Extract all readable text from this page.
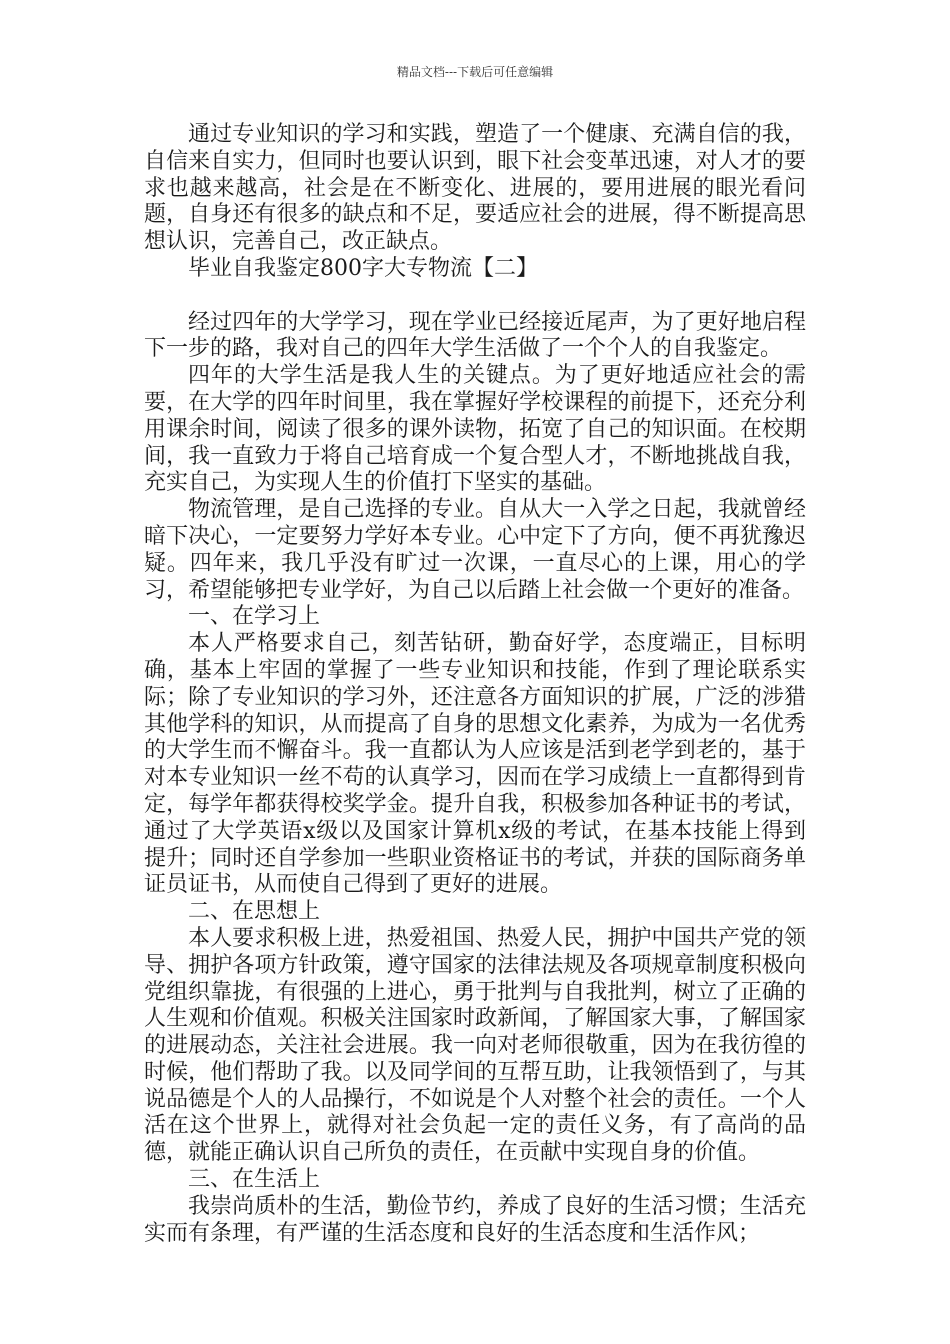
精品文档---下载后可任意编辑

通过专业知识的学习和实践，塑造了一个健康、充满自信的我，自信来自实力，但同时也要认识到，眼下社会变革迅速，对人才的要求也越来越高，社会是在不断变化、进展的，要用进展的眼光看问题，自身还有很多的缺点和不足，要适应社会的进展，得不断提高思想认识，完善自己，改正缺点。

毕业自我鉴定800字大专物流【二】

经过四年的大学学习，现在学业已经接近尾声，为了更好地启程下一步的路，我对自己的四年大学生活做了一个个人的自我鉴定。

四年的大学生活是我人生的关键点。为了更好地适应社会的需要，在大学的四年时间里，我在掌握好学校课程的前提下，还充分利用课余时间，阅读了很多的课外读物，拓宽了自己的知识面。在校期间，我一直致力于将自己培育成一个复合型人才，不断地挑战自我，充实自己，为实现人生的价值打下坚实的基础。

物流管理，是自己选择的专业。自从大一入学之日起，我就曾经暗下决心，一定要努力学好本专业。心中定下了方向，便不再犹豫迟疑。四年来，我几乎没有旷过一次课，一直尽心的上课，用心的学习，希望能够把专业学好，为自己以后踏上社会做一个更好的准备。

一、在学习上

本人严格要求自己，刻苦钻研，勤奋好学，态度端正，目标明确，基本上牢固的掌握了一些专业知识和技能，作到了理论联系实际；除了专业知识的学习外，还注意各方面知识的扩展，广泛的涉猎其他学科的知识，从而提高了自身的思想文化素养，为成为一名优秀的大学生而不懈奋斗。我一直都认为人应该是活到老学到老的，基于对本专业知识一丝不苟的认真学习，因而在学习成绩上一直都得到肯定，每学年都获得校奖学金。提升自我，积极参加各种证书的考试，通过了大学英语x级以及国家计算机x级的考试，在基本技能上得到提升；同时还自学参加一些职业资格证书的考试，并获的国际商务单证员证书，从而使自己得到了更好的进展。

二、在思想上

本人要求积极上进，热爱祖国、热爱人民，拥护中国共产党的领导、拥护各项方针政策，遵守国家的法律法规及各项规章制度积极向党组织靠拢，有很强的上进心，勇于批判与自我批判，树立了正确的人生观和价值观。积极关注国家时政新闻，了解国家大事，了解国家的进展动态，关注社会进展。我一向对老师很敬重，因为在我彷徨的时候，他们帮助了我。以及同学间的互帮互助，让我领悟到了，与其说品德是个人的人品操行，不如说是个人对整个社会的责任。一个人活在这个世界上，就得对社会负起一定的责任义务，有了高尚的品德，就能正确认识自己所负的责任，在贡献中实现自身的价值。

三、在生活上

我崇尚质朴的生活，勤俭节约，养成了良好的生活习惯；生活充实而有条理，有严谨的生活态度和良好的生活态度和生活作风；
